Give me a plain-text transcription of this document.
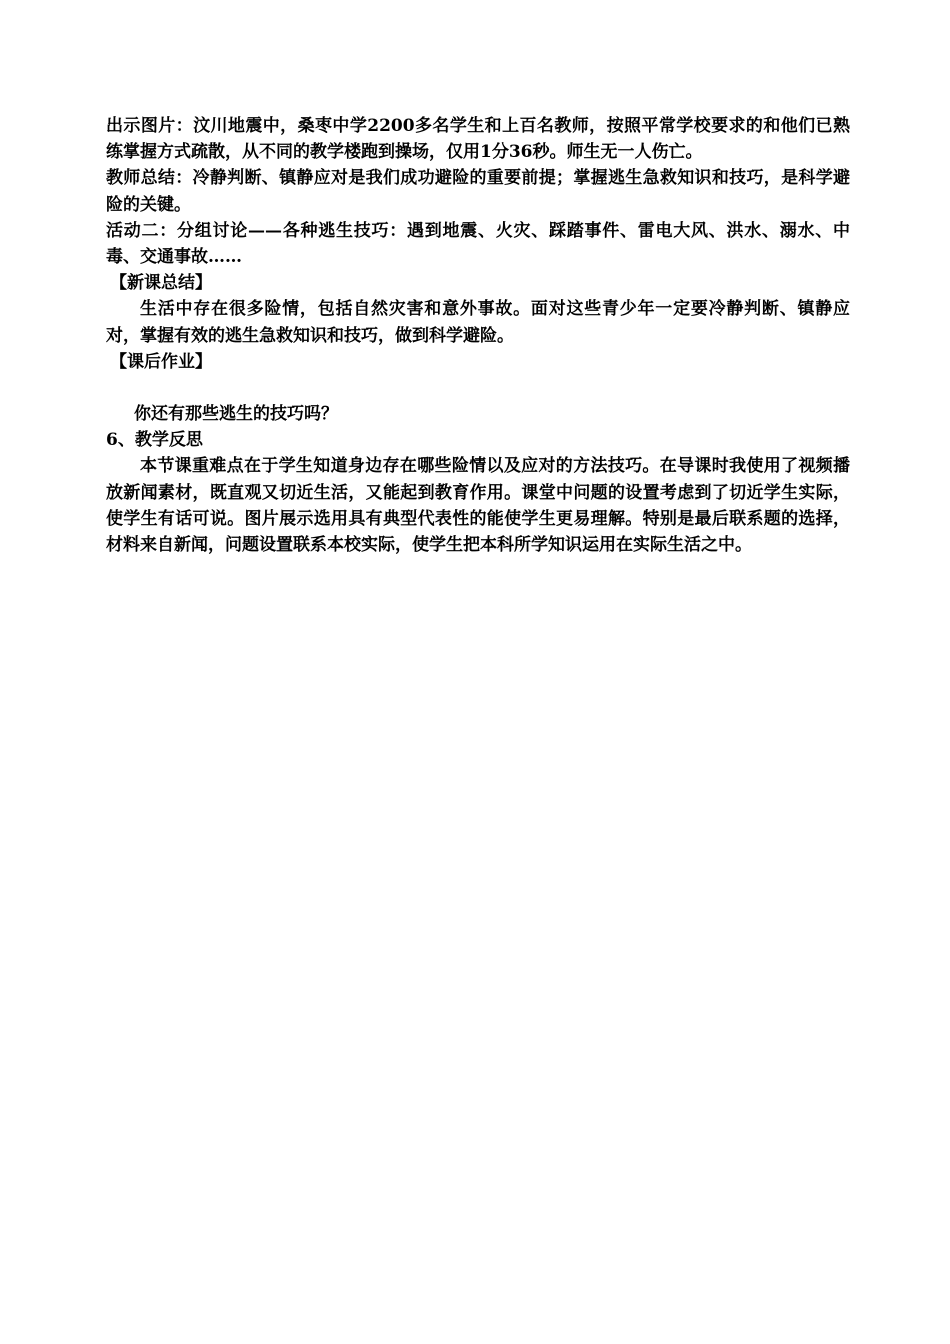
出示图片：汶川地震中，桑枣中学2200多名学生和上百名教师，按照平常学校要求的和他们已熟练掌握方式疏散，从不同的教学楼跑到操场，仅用1分36秒。师生无一人伤亡。

教师总结：冷静判断、镇静应对是我们成功避险的重要前提；掌握逃生急救知识和技巧，是科学避险的关键。

活动二：分组讨论——各种逃生技巧：遇到地震、火灾、踩踏事件、雷电大风、洪水、溺水、中毒、交通事故……

【新课总结】

生活中存在很多险情，包括自然灾害和意外事故。面对这些青少年一定要冷静判断、镇静应对，掌握有效的逃生急救知识和技巧，做到科学避险。

【课后作业】

你还有那些逃生的技巧吗？

6、教学反思

本节课重难点在于学生知道身边存在哪些险情以及应对的方法技巧。在导课时我使用了视频播放新闻素材，既直观又切近生活，又能起到教育作用。课堂中问题的设置考虑到了切近学生实际，使学生有话可说。图片展示选用具有典型代表性的能使学生更易理解。特别是最后联系题的选择，材料来自新闻，问题设置联系本校实际，使学生把本科所学知识运用在实际生活之中。
